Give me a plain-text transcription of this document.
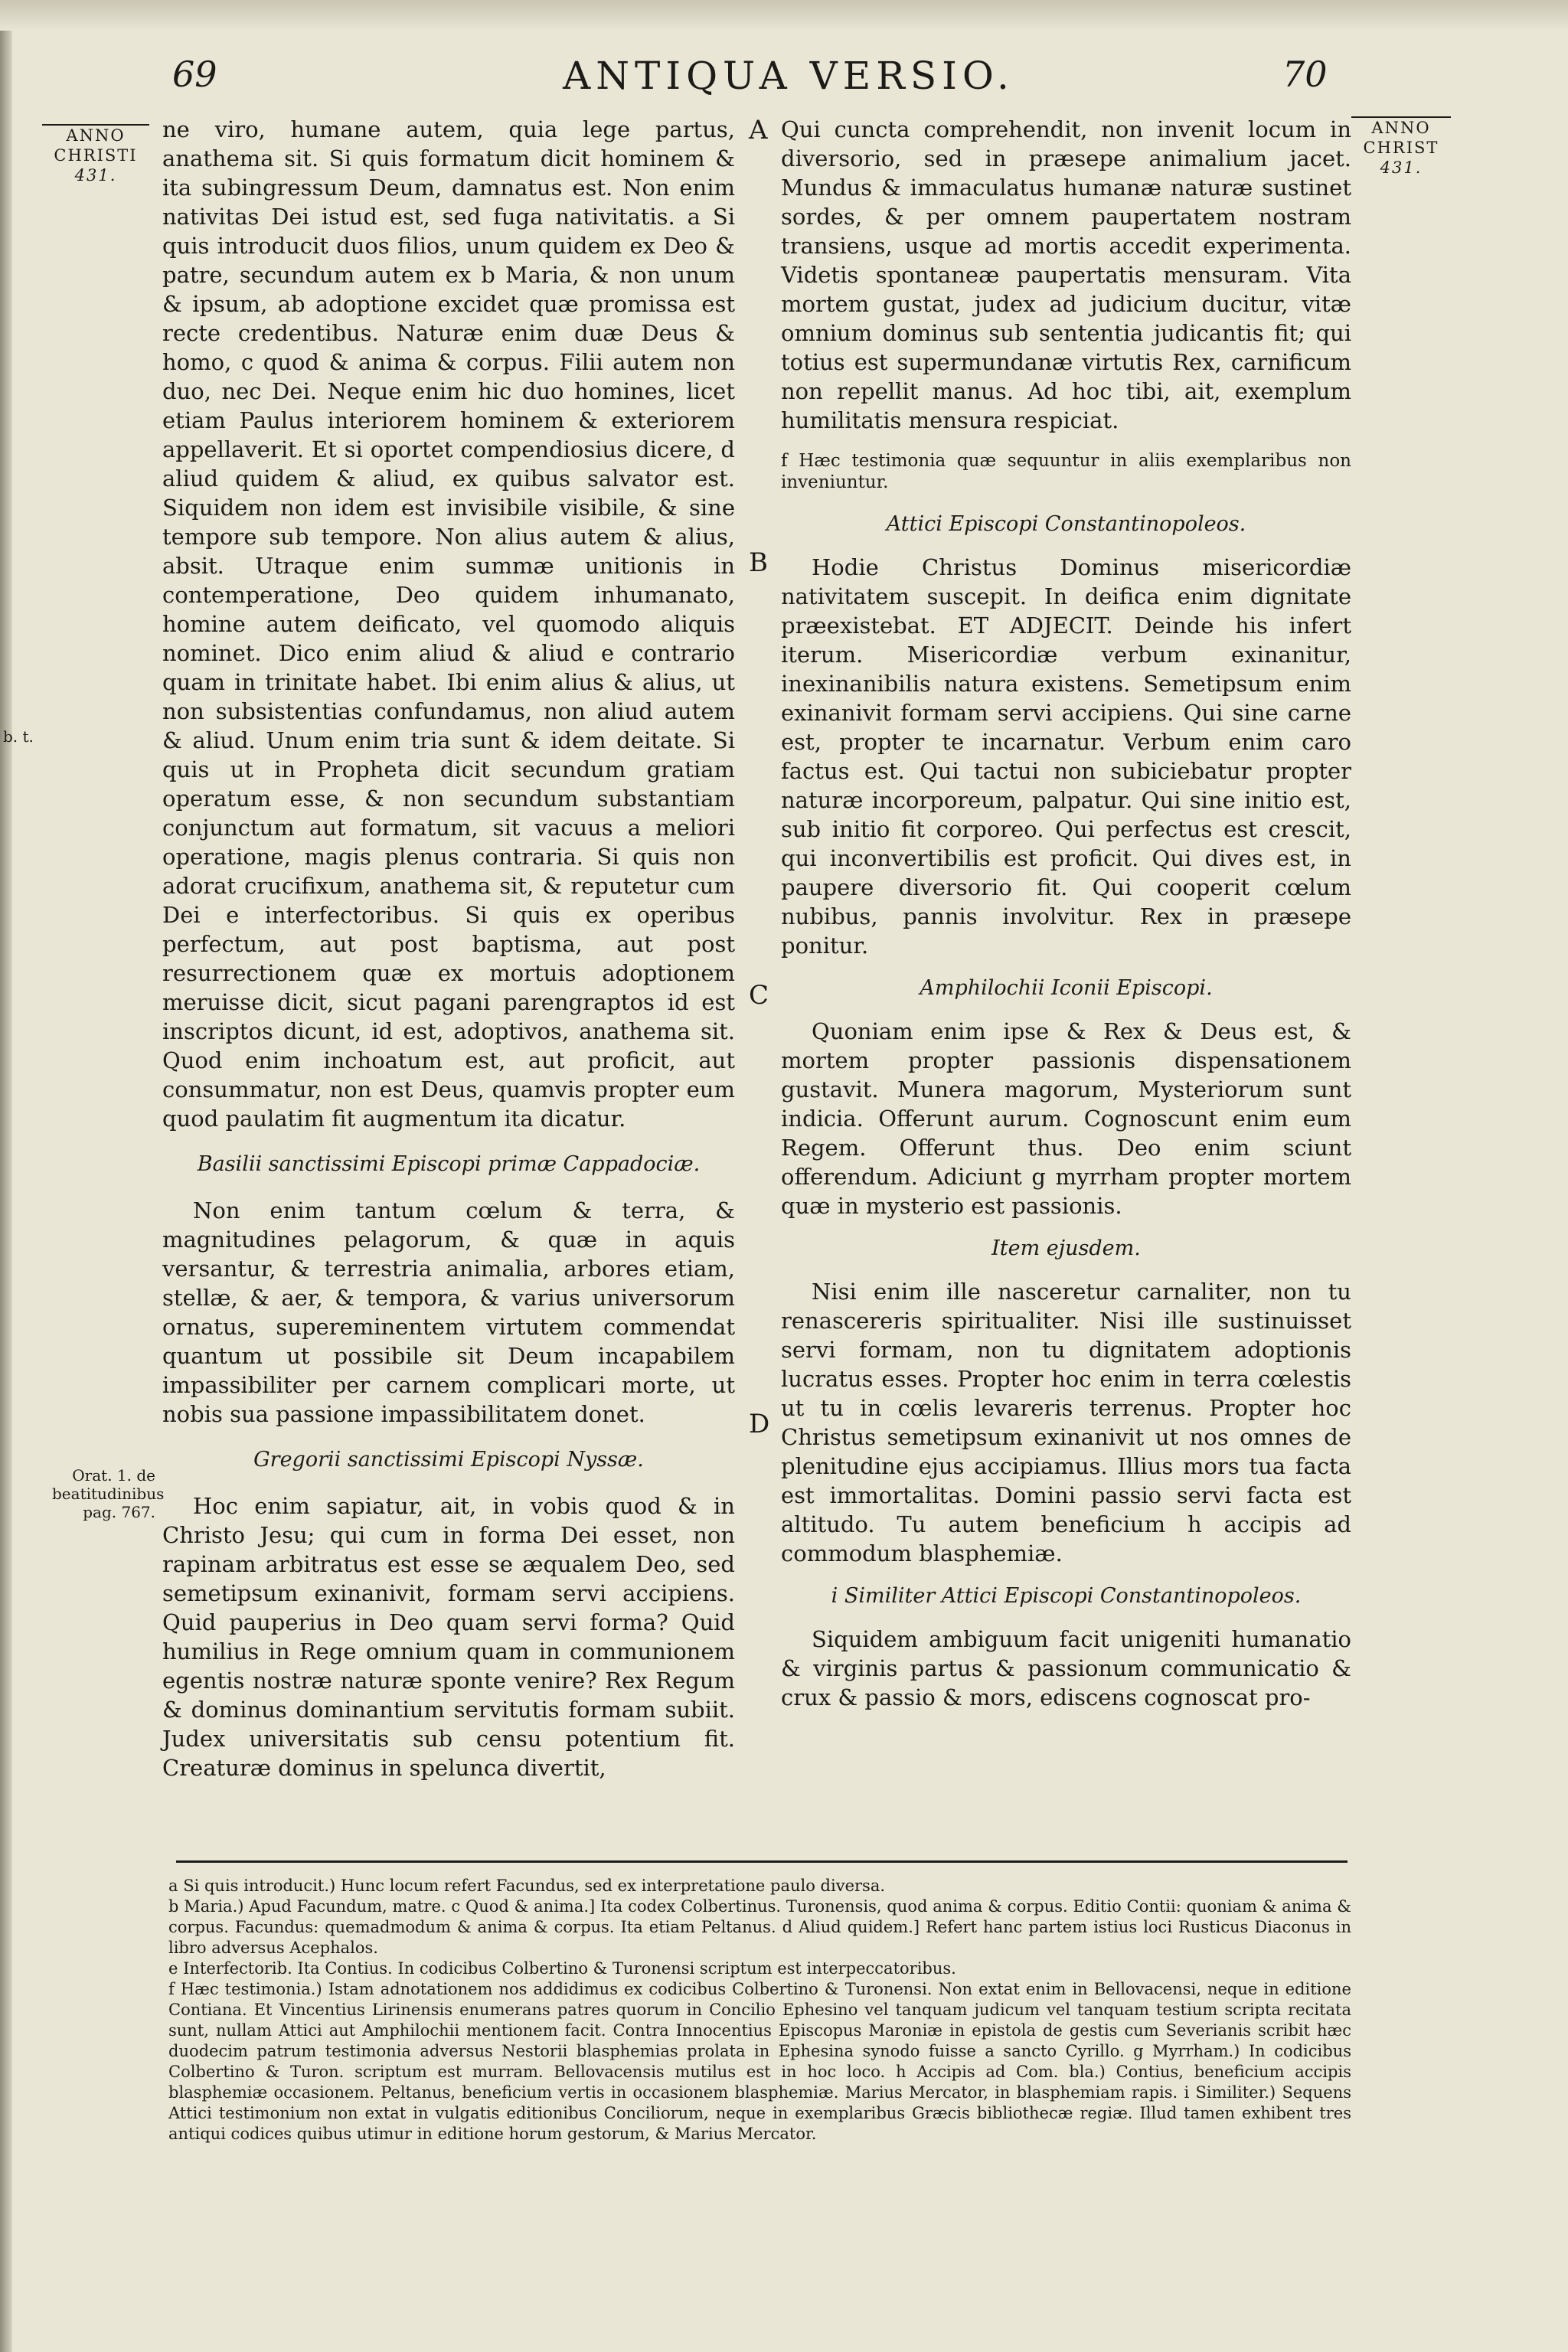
69	ANTIQUA VERSIO.	70
ANNO
CHRISTI
431.
ANNO
CHRIST
431.
b. t.
Orat. 1. de beatitudinibus pag. 767.
A
B
C
D

ne viro, humane autem, quia lege partus, anathema sit. Si quis formatum dicit hominem & ita subingressum Deum, damnatus est. Non enim nativitas Dei istud est, sed fuga nativitatis. a Si quis introducit duos filios, unum quidem ex Deo & patre, secundum autem ex b Maria, & non unum & ipsum, ab adoptione excidet quæ promissa est recte credentibus. Naturæ enim duæ Deus & homo, c quod & anima & corpus. Filii autem non duo, nec Dei. Neque enim hic duo homines, licet etiam Paulus interiorem hominem & exteriorem appellaverit. Et si oportet compendiosius dicere, d aliud quidem & aliud, ex quibus salvator est. Siquidem non idem est invisibile visibile, & sine tempore sub tempore. Non alius autem & alius, absit. Utraque enim summæ unitionis in contemperatione, Deo quidem inhumanato, homine autem deificato, vel quomodo aliquis nominet. Dico enim aliud & aliud e contrario quam in trinitate habet. Ibi enim alius & alius, ut non subsistentias confundamus, non aliud autem & aliud. Unum enim tria sunt & idem deitate. Si quis ut in Propheta dicit secundum gratiam operatum esse, & non secundum substantiam conjunctum aut formatum, sit vacuus a meliori operatione, magis plenus contraria. Si quis non adorat crucifixum, anathema sit, & reputetur cum Dei e interfectoribus. Si quis ex operibus perfectum, aut post baptisma, aut post resurrectionem quæ ex mortuis adoptionem meruisse dicit, sicut pagani parengraptos id est inscriptos dicunt, id est, adoptivos, anathema sit. Quod enim inchoatum est, aut proficit, aut consummatur, non est Deus, quamvis propter eum quod paulatim fit augmentum ita dicatur.

Basilii sanctissimi Episcopi primæ Cappadociæ.

Non enim tantum cœlum & terra, & magnitudines pelagorum, & quæ in aquis versantur, & terrestria animalia, arbores etiam, stellæ, & aer, & tempora, & varius universorum ornatus, supereminentem virtutem commendat quantum ut possibile sit Deum incapabilem impassibiliter per carnem complicari morte, ut nobis sua passione impassibilitatem donet.

Gregorii sanctissimi Episcopi Nyssæ.

Hoc enim sapiatur, ait, in vobis quod & in Christo Jesu; qui cum in forma Dei esset, non rapinam arbitratus est esse se æqualem Deo, sed semetipsum exinanivit, formam servi accipiens. Quid pauperius in Deo quam servi forma? Quid humilius in Rege omnium quam in communionem egentis nostræ naturæ sponte venire? Rex Regum & dominus dominantium servitutis formam subiit. Judex universitatis sub censu potentium fit. Creaturæ dominus in spelunca divertit,

Qui cuncta comprehendit, non invenit locum in diversorio, sed in præsepe animalium jacet. Mundus & immaculatus humanæ naturæ sustinet sordes, & per omnem paupertatem nostram transiens, usque ad mortis accedit experimenta. Videtis spontaneæ paupertatis mensuram. Vita mortem gustat, judex ad judicium ducitur, vitæ omnium dominus sub sententia judicantis fit; qui totius est supermundanæ virtutis Rex, carnificum non repellit manus. Ad hoc tibi, ait, exemplum humilitatis mensura respiciat.

f Hæc testimonia quæ sequuntur in aliis exemplaribus non inveniuntur.

Attici Episcopi Constantinopoleos.

Hodie Christus Dominus misericordiæ nativitatem suscepit. In deifica enim dignitate præexistebat. ET ADJECIT. Deinde his infert iterum. Misericordiæ verbum exinanitur, inexinanibilis natura existens. Semetipsum enim exinanivit formam servi accipiens. Qui sine carne est, propter te incarnatur. Verbum enim caro factus est. Qui tactui non subiciebatur propter naturæ incorporeum, palpatur. Qui sine initio est, sub initio fit corporeo. Qui perfectus est crescit, qui inconvertibilis est proficit. Qui dives est, in paupere diversorio fit. Qui cooperit cœlum nubibus, pannis involvitur. Rex in præsepe ponitur.

Amphilochii Iconii Episcopi.

Quoniam enim ipse & Rex & Deus est, & mortem propter passionis dispensationem gustavit. Munera magorum, Mysteriorum sunt indicia. Offerunt aurum. Cognoscunt enim eum Regem. Offerunt thus. Deo enim sciunt offerendum. Adiciunt g myrrham propter mortem quæ in mysterio est passionis.

Item ejusdem.

Nisi enim ille nasceretur carnaliter, non tu renascereris spiritualiter. Nisi ille sustinuisset servi formam, non tu dignitatem adoptionis lucratus esses. Propter hoc enim in terra cœlestis ut tu in cœlis levareris terrenus. Propter hoc Christus semetipsum exinanivit ut nos omnes de plenitudine ejus accipiamus. Illius mors tua facta est immortalitas. Domini passio servi facta est altitudo. Tu autem beneficium h accipis ad commodum blasphemiæ.

i Similiter Attici Episcopi Constantinopoleos.

Siquidem ambiguum facit unigeniti humanatio & virginis partus & passionum communicatio & crux & passio & mors, ediscens cognoscat pro-

a Si quis introducit.) Hunc locum refert Facundus, sed ex interpretatione paulo diversa.

b Maria.) Apud Facundum, matre. c Quod & anima.] Ita codex Colbertinus. Turonensis, quod anima & corpus. Editio Contii: quoniam & anima & corpus. Facundus: quemadmodum & anima & corpus. Ita etiam Peltanus. d Aliud quidem.] Refert hanc partem istius loci Rusticus Diaconus in libro adversus Acephalos.

e Interfectorib. Ita Contius. In codicibus Colbertino & Turonensi scriptum est interpeccatoribus.

f Hæc testimonia.) Istam adnotationem nos addidimus ex codicibus Colbertino & Turonensi. Non extat enim in Bellovacensi, neque in editione Contiana. Et Vincentius Lirinensis enumerans patres quorum in Concilio Ephesino vel tanquam judicum vel tanquam testium scripta recitata sunt, nullam Attici aut Amphilochii mentionem facit. Contra Innocentius Episcopus Maroniæ in epistola de gestis cum Severianis scribit hæc duodecim patrum testimonia adversus Nestorii blasphemias prolata in Ephesina synodo fuisse a sancto Cyrillo. g Myrrham.) In codicibus Colbertino & Turon. scriptum est murram. Bellovacensis mutilus est in hoc loco. h Accipis ad Com. bla.) Contius, beneficium accipis blasphemiæ occasionem. Peltanus, beneficium vertis in occasionem blasphemiæ. Marius Mercator, in blasphemiam rapis. i Similiter.) Sequens Attici testimonium non extat in vulgatis editionibus Conciliorum, neque in exemplaribus Græcis bibliothecæ regiæ. Illud tamen exhibent tres antiqui codices quibus utimur in editione horum gestorum, & Marius Mercator.
